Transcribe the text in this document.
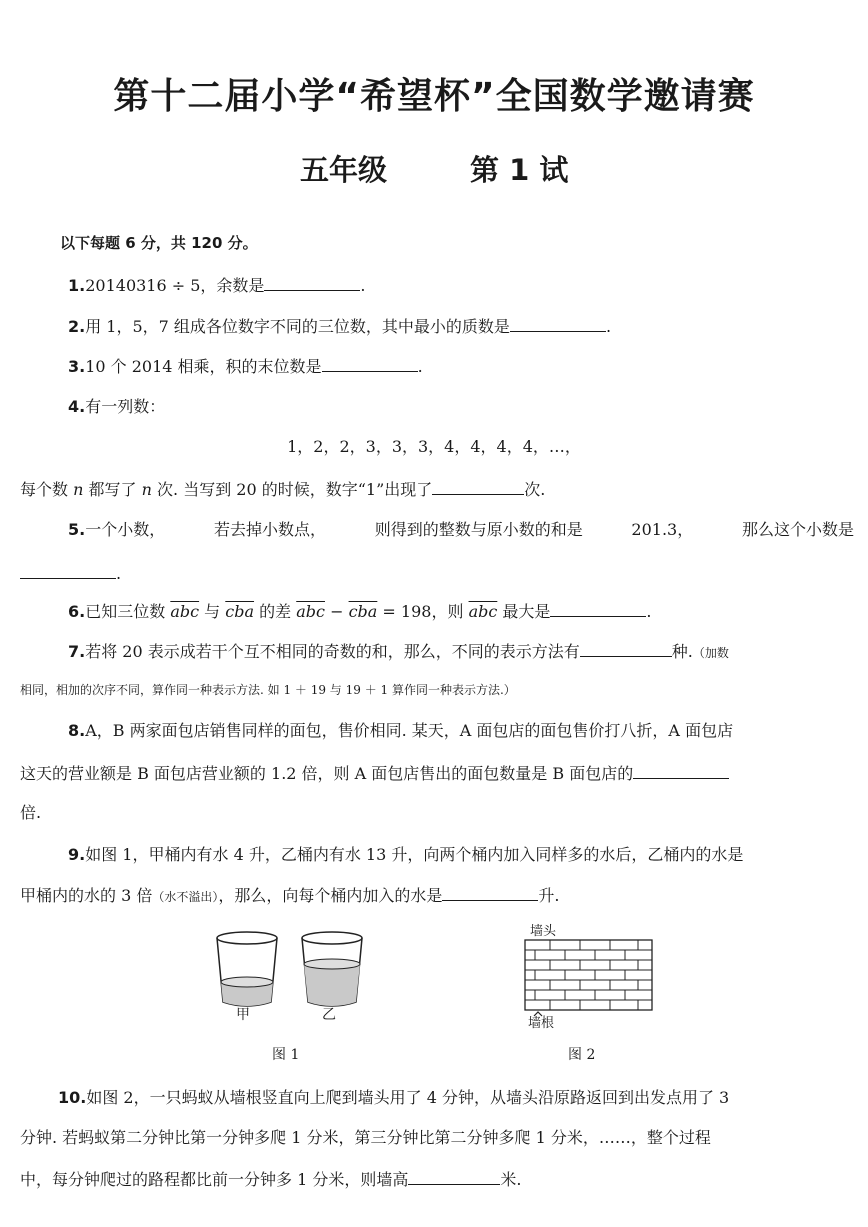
第十二届小学“希望杯”全国数学邀请赛
五年级	第 1 试
以下每题 6 分，共 120 分。
1.20140316 ÷ 5，余数是	.
2.用 1，5，7 组成各位数字不同的三位数，其中最小的质数是	.
3.10 个 2014 相乘，积的末位数是	.
4.有一列数：
1，2，2，3，3，3，4，4，4，4，…，
每个数 n 都写了 n 次. 当写到 20 的时候，数字“1”出现了	次.
5.一个小数，	若去掉小数点，	则得到的整数与原小数的和是	201.3，	那么这个小数是
.
6.已知三位数 $\overline{abc}$ 与 $\overline{cba}$ 的差 $\overline{abc} - \overline{cba} = 198$，则 $\overline{abc}$ 最大是	.
7.若将 20 表示成若干个互不相同的奇数的和，那么，不同的表示方法有	种.（加数
相同，相加的次序不同，算作同一种表示方法. 如 1 ＋ 19 与 19 ＋ 1 算作同一种表示方法.）
8.A，B 两家面包店销售同样的面包，售价相同. 某天，A 面包店的面包售价打八折，A 面包店
这天的营业额是 B 面包店营业额的 1.2 倍，则 A 面包店售出的面包数量是 B 面包店的
倍.
9.如图 1，甲桶内有水 4 升，乙桶内有水 13 升，向两个桶内加入同样多的水后，乙桶内的水是
甲桶内的水的 3 倍（水不溢出），那么，向每个桶内加入的水是	升.
甲	乙
图 1
墙头
墙根
图 2
10.如图 2，一只蚂蚁从墙根竖直向上爬到墙头用了 4 分钟，从墙头沿原路返回到出发点用了 3
分钟. 若蚂蚁第二分钟比第一分钟多爬 1 分米，第三分钟比第二分钟多爬 1 分米，……，整个过程
中，每分钟爬过的路程都比前一分钟多 1 分米，则墙高	米.
